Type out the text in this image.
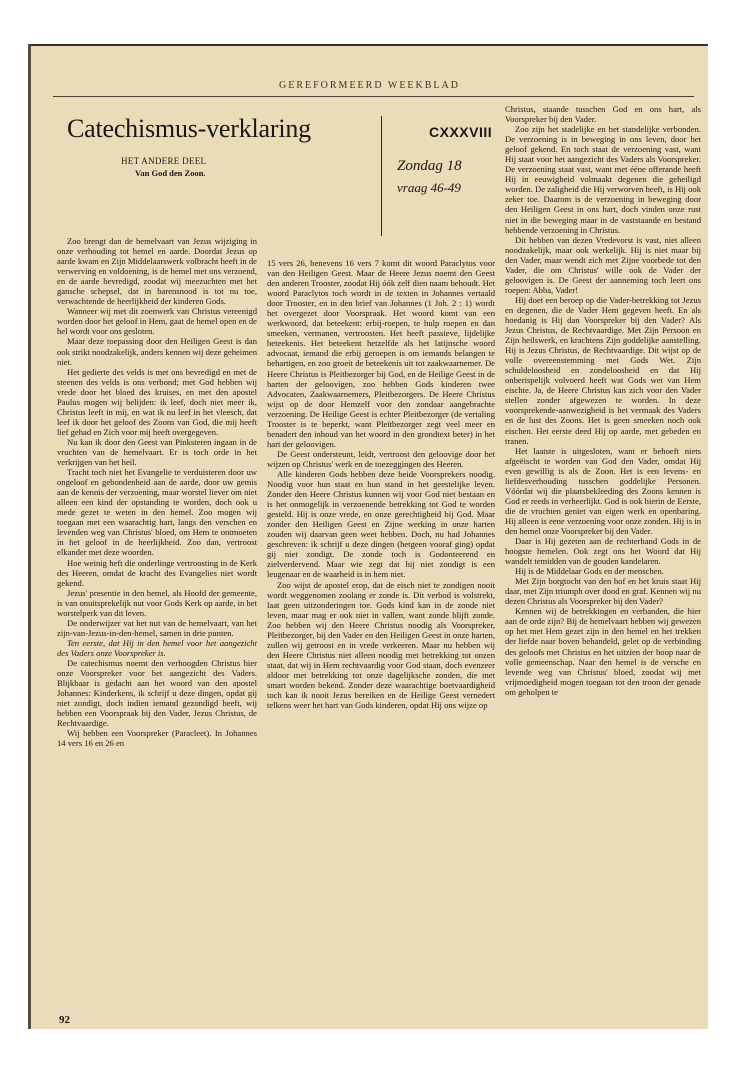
GEREFORMEERD WEEKBLAD
Catechismus-verklaring
HET ANDERE DEEL
Van God den Zoon.
CXXXVIII
Zondag 18
vraag 46-49

Zoo brengt dan de hemelvaart van Jezus wijziging in onze verhouding tot hemel en aarde. Doordat Jezus op aarde kwam en Zijn Middelaarswerk volbracht heeft in de verwerving en voldoening, is de hemel met ons verzoend, en de aarde bevredigd, zoodat wij meezuchten met het gansche schepsel, dat in barensnood is tot nu toe, verwachtende de heerlijkheid der kinderen Gods.

Wanneer wij met dit zoenwerk van Christus vereenigd worden door het geloof in Hem, gaat de hemel open en de hel wordt voor ons gesloten.

Maar deze toepassing door den Heiligen Geest is dan ook strikt noodzakelijk, anders kennen wij deze geheimen niet.

Het gedierte des velds is met ons bevredigd en met de steenen des velds is ons verbond; met God hebben wij vrede door het bloed des kruises, en met den apostel Paulus mogen wij belijden: ik leef, doch niet meer ik, Christus leeft in mij, en wat ik nu leef in het vleesch, dat leef ik door het geloof des Zoons van God, die mij heeft lief gehad en Zich voor mij heeft overgegeven.

Nu kan ik door den Geest van Pinksteren ingaan in de vruchten van de hemelvaart. Er is toch orde in het verkrijgen van het heil.

Tracht toch niet het Evangelie te verduisteren door uw ongeloof en gebondenheid aan de aarde, door uw gemis aan de kennis der verzoening, maar worstel liever om niet alleen een kind der opstanding te worden, doch ook u mede gezet te weten in den hemel. Zoo mogen wij toegaan met een waarachtig hart, langs den verschen en levenden weg van Christus' bloed, om Hem te ontmoeten in het geloof in de heerlijkheid. Zoo dan, vertroost elkander met deze woorden.

Hoe weinig heft die onderlinge vertroosting in de Kerk des Heeren, omdat de kracht des Evangelies niet wordt gekend.

Jezus' presentie in den hemel, als Hoofd der gemeente, is van onuitsprekelijk nut voor Gods Kerk op aarde, in het worstelperk van dit leven.

De onderwijzer vat het nut van de hemelvaart, van het zijn-van-Jezus-in-den-hemel, samen in drie punten.

Ten eerste, dat Hij in den hemel voor het aangezicht des Vaders onze Voorspreker is.

De catechismus noemt den verhoogden Christus hier onze Voorspreker voor het aangezicht des Vaders. Blijkbaar is gedacht aan het woord van den apostel Johannes: Kinderkens, ik schrijf u deze dingen, opdat gij niet zondigt, doch indien iemand gezondigd heeft, wij hebben een Voorspraak bij den Vader, Jezus Christus, de Rechtvaardige.

Wij hebben een Voorspreker (Paracleet). In Johannes 14 vers 16 en 26 en

15 vers 26, benevens 16 vers 7 komt dit woord Paraclytos voor van den Heiligen Geest. Maar de Heere Jezus noemt den Geest den anderen Trooster, zoodat Hij óók zelf dien naam behoudt. Het woord Paraclytos toch wordt in de texten in Johannes vertaald door Trooster, en in den brief van Johannes (1 Joh. 2 : 1) wordt het overgezet door Voorspraak. Het woord komt van een werkwoord, dat beteekent: erbij-roepen, te hulp roepen en dan smeeken, vermanen, vertroosten. Het heeft passieve, lijdelijke beteekenis. Het beteekent hetzelfde als het latijnsche woord advocaat, iemand die erbij geroepen is om iemands belangen te behartigen, en zoo groeit de beteekenis uit tot zaakwaarnemer. De Heere Christus is Pleitbezorger bij God, en de Heilige Geest in de harten der geloovigen, zoo hebben Gods kinderen twee Advocaten, Zaakwaarnemers, Pleitbezorgers. De Heere Christus wijst op de door Hemzelf voor den zondaar aangebrachte verzoening. De Heilige Geest is echter Pleitbezorger (de vertaling Trooster is te beperkt, want Pleitbezorger zegt veel meer en benadert den inhoud van het woord in den grondtext beter) in het hart der geloovigen.

De Geest ondersteunt, leidt, vertroost den geloovige door het wijzen op Christus' werk en de toezeggingen des Heeren.

Alle kinderen Gods hebben deze beide Voorsprekers noodig. Noodig voor hun staat en hun stand in het geestelijke leven. Zonder den Heere Christus kunnen wij voor God niet bestaan en is het onmogelijk in verzoenende betrekking tot God te worden gesteld. Hij is onze vrede, en onze gerechtigheid bij God. Maar zonder den Heiligen Geest en Zijne werking in onze harten zouden wij daarvan geen weet hebben. Doch, nu had Johannes geschreven: ik schrijf u deze dingen (hetgeen vooraf ging) opdat gij niet zondigt. De zonde toch is Godonteerend en zielverdervend. Maar wie zegt dat hij niet zondigt is een leugenaar en de waarheid is in hem niet.

Zoo wijst de apostel erop, dat de eisch niet te zondigen nooit wordt weggenomen zoolang er zonde is. Dit verbod is volstrekt, laat geen uitzonderingen toe. Gods kind kan in de zonde niet leven, maar mag er ook niet in vallen, want zonde blijft zonde. Zoo hebben wij den Heere Christus noodig als Voorspreker, Pleitbezorger, bij den Vader en den Heiligen Geest in onze harten, zullen wij getroost en in vrede verkeeren. Maar nu hebben wij den Heere Christus niet alleen noodig met betrekking tot onzen staat, dat wij in Hem rechtvaardig voor God staan, doch evenzeer aldoor met betrekking tot onze dagelijksche zonden, die met smart worden bekend. Zonder deze waarachtige boetvaardigheid toch kan ik nooit Jezus bereiken en de Heilige Geest vernedert telkens weer het hart van Gods kinderen, opdat Hij ons wijze op

Christus, staande tusschen God en ons hart, als Voorspreker bij den Vader.

Zoo zijn het stadelijke en het standelijke verbonden. De verzoening is in beweging in ons leven, door het geloof gekend. En toch staat de verzoening vast, want Hij staat voor het aangezicht des Vaders als Voorspreker. De verzoening staat vast, want met ééne offerande heeft Hij in eeuwigheid volmaakt degenen die geheiligd worden. De zaligheid die Hij verworven heeft, is Hij ook zeker toe. Daarom is de verzoening in beweging door den Heiligen Geest in ons hart, doch vinden onze rust niet in die beweging maar in de vaststaande en bestand hebbende verzoening in Christus.

Dit hebben van dezen Vredevorst is vast, niet alleen noodzakelijk, maar ook werkelijk. Hij is niet maar bij den Vader, maar wendt zich met Zijne voorbede tot den Vader, die om Christus' wille ook de Vader der geloovigen is. De Geest der aanneming toch leert ons roepen: Abba, Vader!

Hij doet een beroep op die Vader-betrekking tot Jezus en degenen, die de Vader Hem gegeven heeft. En als hoedanig is Hij dan Voorspreker bij den Vader? Als Jezus Christus, de Rechtvaardige. Met Zijn Persoon en Zijn heilswerk, en krachtens Zijn goddelijke aanstelling. Hij is Jezus Christus, de Rechtvaardige. Dit wijst op de volle overeenstemming met Gods Wet. Zijn schuldeloosheid en zondeloosheid en dat Hij onberispelijk volvoerd heeft wat Gods wet van Hem eischte. Ja, de Heere Christus kan zich voor den Vader stellen zonder afgewezen te worden. In deze voorsprekende-aanwezigheid is het vermaak des Vaders en de lust des Zoons. Het is geen smeeken noch ook eischen. Het eerste deed Hij op aarde, met gebeden en tranen.

Het laatste is uitgesloten, want er behoeft niets afgeëischt te worden van God den Vader, omdat Hij even gewillig is als de Zoon. Het is een levens- en liefdesverhouding tusschen goddelijke Personen. Vóórdat wij die plaatsbekleeding des Zoons kennen is God er reeds in verheerlijkt. God is ook hierin de Eerste, die de vruchten geniet van eigen werk en openbaring. Hij alleen is eene verzoening voor onze zonden. Hij is in den hemel onze Voorspreker bij den Vader.

Daar is Hij gezeten aan de rechterhand Gods in de hoogste hemelen. Ook zegt ons het Woord dat Hij wandelt temidden van de gouden kandelaren.

Hij is de Middelaar Gods en der menschen.

Met Zijn borgtocht van den hof en het kruis staat Hij daar, met Zijn triumph over dood en graf. Kennen wij nu dezen Christus als Voorspreker bij den Vader?

Kennen wij de betrekkingen en verbanden, die hier aan de orde zijn? Bij de hemelvaart hebben wij gewezen op het met Hem gezet zijn in den hemel en het trekken der liefde naar boven behandeld, gelet op de verbinding des geloofs met Christus en het uitzien der hoop naar de volle gemeenschap. Naar den hemel is de versche en levende weg van Christus' bloed, zoodat wij met vrijmoedigheid mogen toegaan tot den troon der genade om geholpen te

92
